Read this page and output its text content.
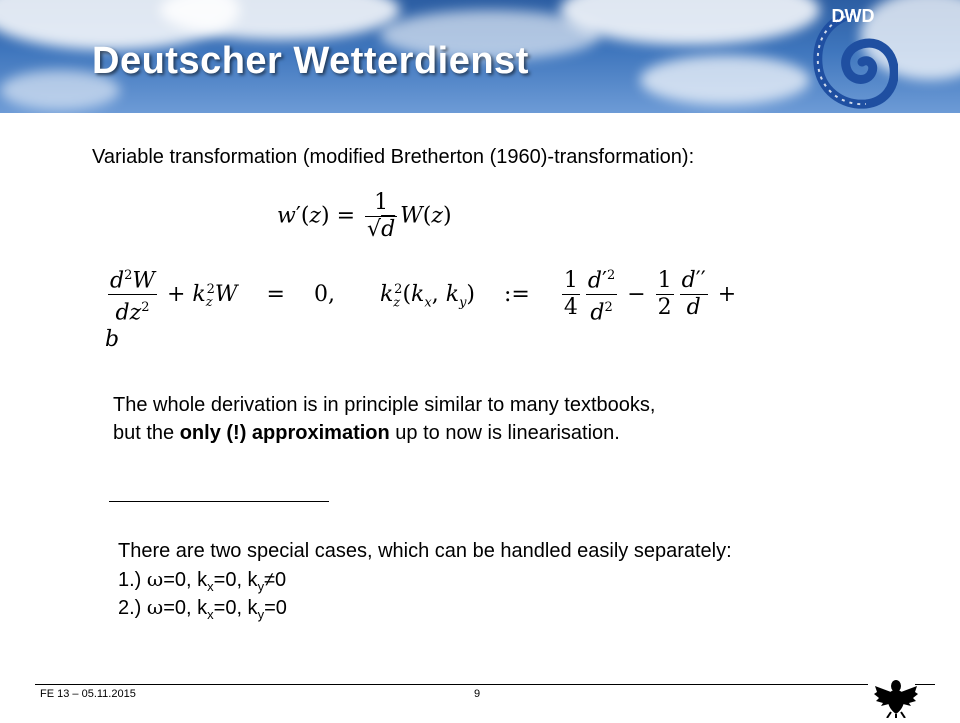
Deutscher Wetterdienst
DWD
Variable transformation (modified Bretherton (1960)-transformation):
$w'(z) = \frac{1}{√d} W(z)$
$\frac{d^2W}{dz^2} + k_z^2W = 0$, $k_z^2(k_x$, $k_y$) := $\frac{1}{4} \frac{d'^2}{d^2} - \frac{1}{2} \frac{d''}{d} + b$
The whole derivation is in principle similar to many textbooks,
but the only (!) approximation up to now is linearisation.
There are two special cases, which can be handled easily separately:
1.) ω=0, $k_x=0$, $k_y\ne 0$
2.) ω=0, $k_x=0$, $k_y=0$
FE 13 – 05.11.2015	9
